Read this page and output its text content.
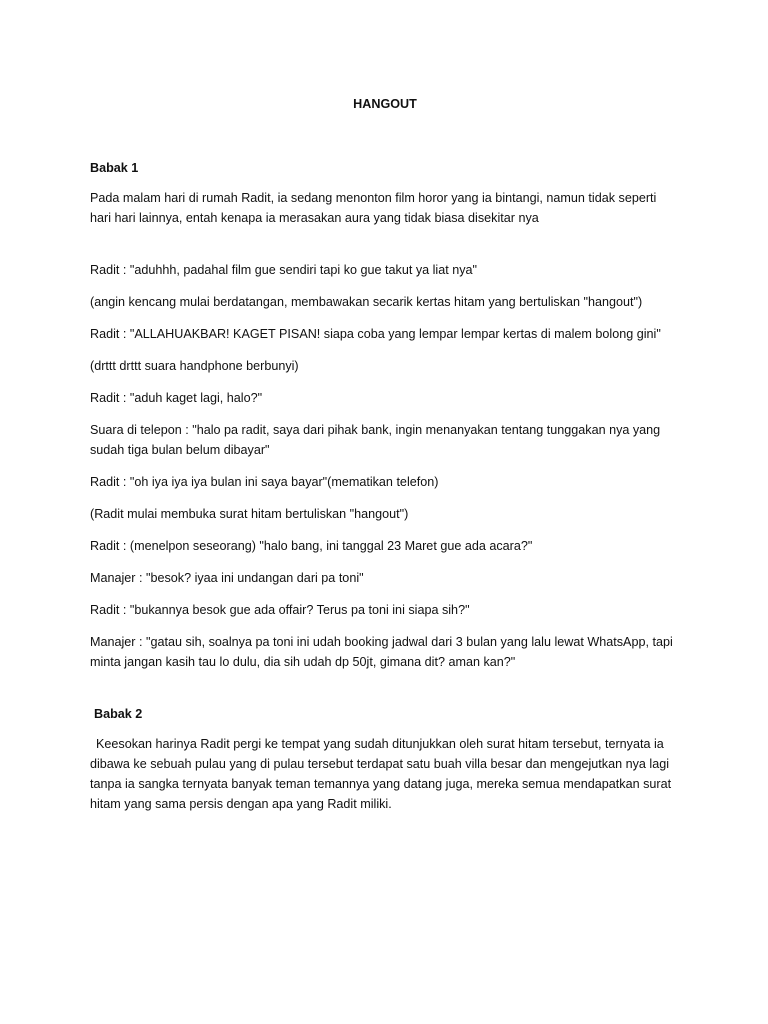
HANGOUT
Babak 1
Pada malam hari di rumah Radit, ia sedang menonton film horor yang ia bintangi, namun tidak seperti hari hari lainnya, entah kenapa ia merasakan aura yang tidak biasa disekitar nya
Radit : "aduhhh, padahal film gue sendiri tapi ko gue takut ya liat nya"
(angin kencang mulai berdatangan, membawakan secarik kertas hitam yang bertuliskan "hangout")
Radit : "ALLAHUAKBAR! KAGET PISAN! siapa coba yang lempar lempar kertas di malem bolong gini"
(drttt drttt suara handphone berbunyi)
Radit : "aduh kaget lagi, halo?"
Suara di telepon : "halo pa radit, saya dari pihak bank, ingin menanyakan tentang tunggakan nya yang sudah tiga bulan belum dibayar"
Radit : "oh iya iya iya bulan ini saya bayar"(mematikan telefon)
(Radit mulai membuka surat hitam bertuliskan "hangout")
Radit : (menelpon seseorang) "halo bang, ini tanggal 23 Maret gue ada acara?"
Manajer : "besok? iyaa ini undangan dari pa toni"
Radit : "bukannya besok gue ada offair? Terus pa toni ini siapa sih?"
Manajer : "gatau sih, soalnya pa toni ini udah booking jadwal dari 3 bulan yang lalu lewat WhatsApp, tapi minta jangan kasih tau lo dulu, dia sih udah dp 50jt, gimana dit? aman kan?"
Babak 2
Keesokan harinya Radit pergi ke tempat yang sudah ditunjukkan oleh surat hitam tersebut, ternyata ia dibawa ke sebuah pulau yang di pulau tersebut terdapat satu buah villa besar dan mengejutkan nya lagi tanpa ia sangka ternyata banyak teman temannya yang datang juga, mereka semua mendapatkan surat hitam yang sama persis dengan apa yang Radit miliki.
